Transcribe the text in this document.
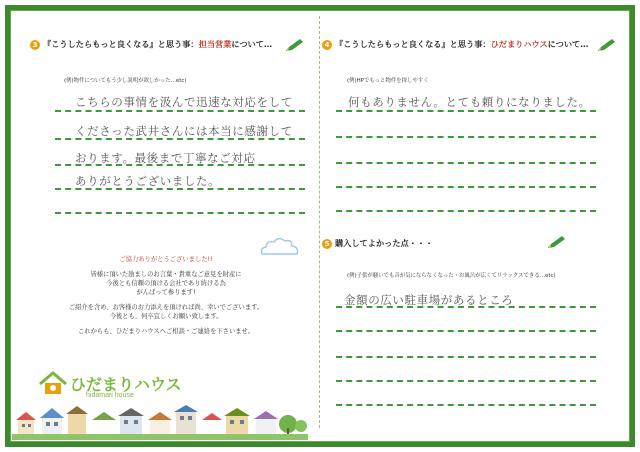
3 『こうしたらもっと良くなる』と思う事：担当営業について…
(例)物件についてもう少し説明が欲しかった…etc)
こちらの事情を汲んで迅速な対応をして
くださった武井さんには本当に感謝して
おります。最後まで丁寧なご対応
ありがとうございました。
ご協力ありがとうございました!!
皆様に頂いた励ましのお言葉・貴重なご意見を財産に
今後とも信頼の頂ける会社であり続ける為
がんばって参ります!
ご紹介を含め、お客様のお力添えを頂ければ尚、幸いでございます。
今後とも、何卒宜しくお願い致します。
これからも、ひだまりハウスへご相談・ご連絡を下さいませ。
ひだまりハウス
hidamari house
4 『こうしたらもっと良くなる』と思う事：ひだまりハウスについて…
(例)HPでもっと物件を探しやすく
何もありません。とても頼りになりました。
5 購入してよかった点・・・
(例)子供が騒いでも音が気にならなくなった・お風呂が広くてリラックスできる…etc)
金額の広い駐車場があるところ
